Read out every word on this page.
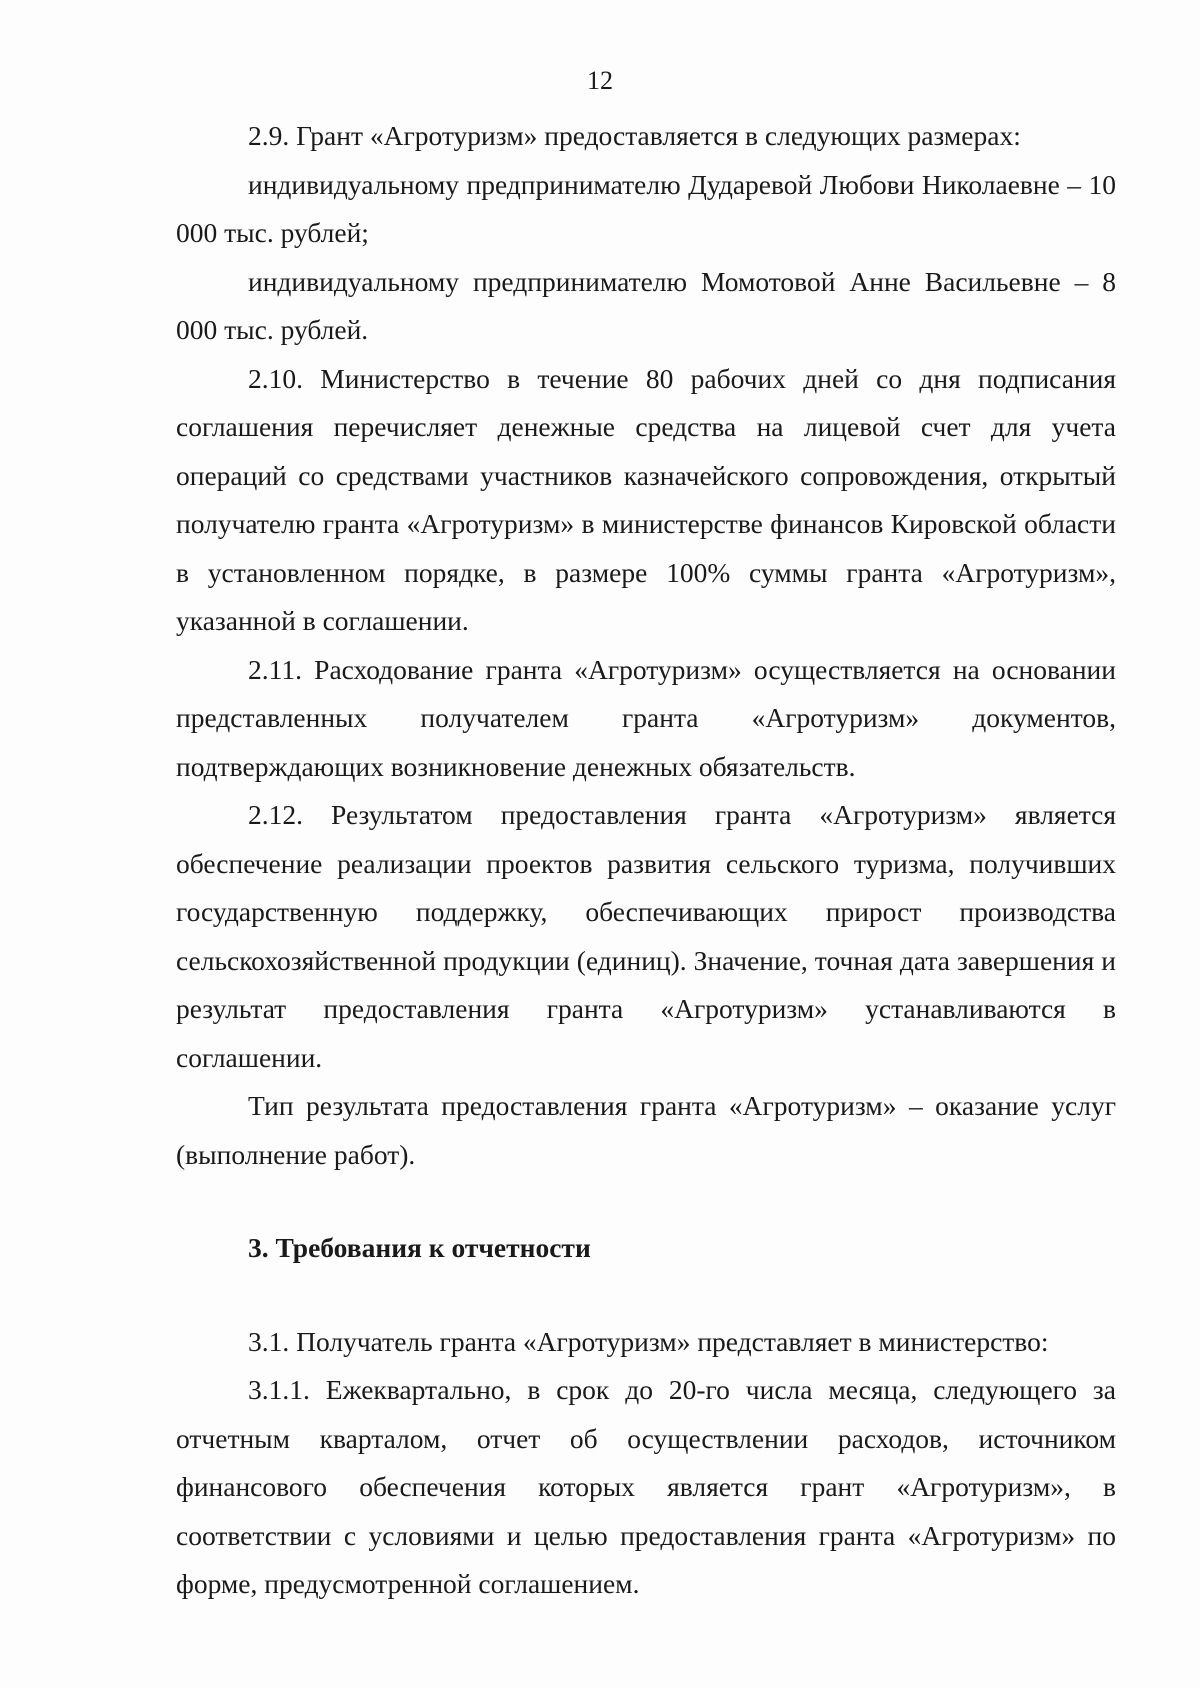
12

2.9. Грант «Агротуризм» предоставляется в следующих размерах:

индивидуальному предпринимателю Дударевой Любови Николаевне – 10 000 тыс. рублей;

индивидуальному предпринимателю Момотовой Анне Васильевне – 8 000 тыс. рублей.

2.10. Министерство в течение 80 рабочих дней со дня подписания соглашения перечисляет денежные средства на лицевой счет для учета операций со средствами участников казначейского сопровождения, открытый получателю гранта «Агротуризм» в министерстве финансов Кировской области в установленном порядке, в размере 100% суммы гранта «Агротуризм», указанной в соглашении.

2.11. Расходование гранта «Агротуризм» осуществляется на основании представленных получателем гранта «Агротуризм» документов, подтверждающих возникновение денежных обязательств.

2.12. Результатом предоставления гранта «Агротуризм» является обеспечение реализации проектов развития сельского туризма, получивших государственную поддержку, обеспечивающих прирост производства сельскохозяйственной продукции (единиц). Значение, точная дата завершения и результат предоставления гранта «Агротуризм» устанавливаются в соглашении.

Тип результата предоставления гранта «Агротуризм» – оказание услуг (выполнение работ).

3. Требования к отчетности

3.1. Получатель гранта «Агротуризм» представляет в министерство:

3.1.1. Ежеквартально, в срок до 20-го числа месяца, следующего за отчетным кварталом, отчет об осуществлении расходов, источником финансового обеспечения которых является грант «Агротуризм», в соответствии с условиями и целью предоставления гранта «Агротуризм» по форме, предусмотренной соглашением.
